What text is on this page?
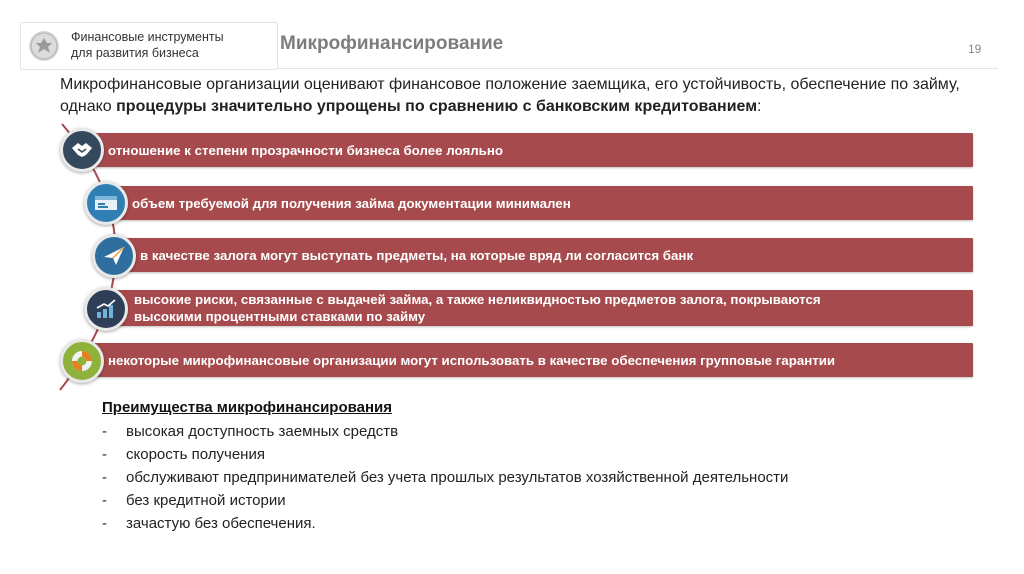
Финансовые инструменты
для развития бизнеса	Микрофинансирование	19
Микрофинансовые организации оценивают финансовое положение заемщика, его устойчивость, обеспечение по займу, однако процедуры значительно упрощены по сравнению с банковским кредитованием:
отношение к степени прозрачности бизнеса более лояльно
объем требуемой для получения займа документации минимален
в качестве залога могут выступать предметы, на которые вряд ли согласится банк
высокие риски, связанные с выдачей займа, а также неликвидностью предметов залога, покрываются
высокими процентными ставками по займу
некоторые микрофинансовые организации могут использовать в качестве обеспечения групповые гарантии
Преимущества микрофинансирования
- высокая доступность заемных средств
- скорость получения
- обслуживают предпринимателей без учета прошлых результатов хозяйственной деятельности
- без кредитной истории
- зачастую без обеспечения.
